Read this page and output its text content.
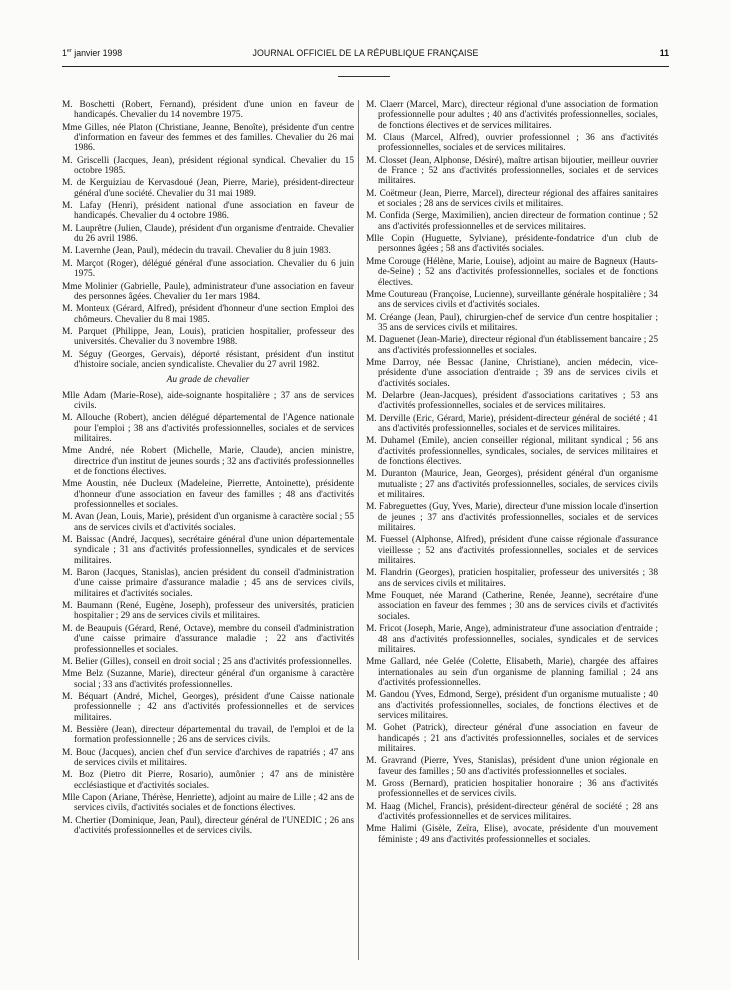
1er janvier 1998	JOURNAL OFFICIEL DE LA RÉPUBLIQUE FRANÇAISE	11

M. Boschetti (Robert, Fernand), président d'une union en faveur de handicapés. Chevalier du 14 novembre 1975.

Mme Gilles, née Platon (Christiane, Jeanne, Benoîte), présidente d'un centre d'information en faveur des femmes et des familles. Chevalier du 26 mai 1986.

M. Griscelli (Jacques, Jean), président régional syndical. Chevalier du 15 octobre 1985.

M. de Kerguiziau de Kervasdoué (Jean, Pierre, Marie), président-directeur général d'une société. Chevalier du 31 mai 1989.

M. Lafay (Henri), président national d'une association en faveur de handicapés. Chevalier du 4 octobre 1986.

M. Lauprêtre (Julien, Claude), président d'un organisme d'entraide. Chevalier du 26 avril 1986.

M. Lavernhe (Jean, Paul), médecin du travail. Chevalier du 8 juin 1983.

M. Marçot (Roger), délégué général d'une association. Chevalier du 6 juin 1975.

Mme Molinier (Gabrielle, Paule), administrateur d'une association en faveur des personnes âgées. Chevalier du 1er mars 1984.

M. Monteux (Gérard, Alfred), président d'honneur d'une section Emploi des chômeurs. Chevalier du 8 mai 1985.

M. Parquet (Philippe, Jean, Louis), praticien hospitalier, professeur des universités. Chevalier du 3 novembre 1988.

M. Séguy (Georges, Gervais), déporté résistant, président d'un institut d'histoire sociale, ancien syndicaliste. Chevalier du 27 avril 1982.

Au grade de chevalier

Mlle Adam (Marie-Rose), aide-soignante hospitalière ; 37 ans de services civils.

M. Allouche (Robert), ancien délégué départemental de l'Agence nationale pour l'emploi ; 38 ans d'activités professionnelles, sociales et de services militaires.

Mme André, née Robert (Michelle, Marie, Claude), ancien ministre, directrice d'un institut de jeunes sourds ; 32 ans d'activités professionnelles et de fonctions électives.

Mme Aoustin, née Ducleux (Madeleine, Pierrette, Antoinette), présidente d'honneur d'une association en faveur des familles ; 48 ans d'activités professionnelles et sociales.

M. Avan (Jean, Louis, Marie), président d'un organisme à caractère social ; 55 ans de services civils et d'activités sociales.

M. Baissac (André, Jacques), secrétaire général d'une union départementale syndicale ; 31 ans d'activités professionnelles, syndicales et de services militaires.

M. Baron (Jacques, Stanislas), ancien président du conseil d'administration d'une caisse primaire d'assurance maladie ; 45 ans de services civils, militaires et d'activités sociales.

M. Baumann (René, Eugène, Joseph), professeur des universités, praticien hospitalier ; 29 ans de services civils et militaires.

M. de Beaupuis (Gérard, René, Octave), membre du conseil d'administration d'une caisse primaire d'assurance maladie ; 22 ans d'activités professionnelles et sociales.

M. Belier (Gilles), conseil en droit social ; 25 ans d'activités professionnelles.

Mme Belz (Suzanne, Marie), directeur général d'un organisme à caractère social ; 33 ans d'activités professionnelles.

M. Béquart (André, Michel, Georges), président d'une Caisse nationale professionnelle ; 42 ans d'activités professionnelles et de services militaires.

M. Bessière (Jean), directeur départemental du travail, de l'emploi et de la formation professionnelle ; 26 ans de services civils.

M. Bouc (Jacques), ancien chef d'un service d'archives de rapatriés ; 47 ans de services civils et militaires.

M. Boz (Pietro dit Pierre, Rosario), aumônier ; 47 ans de ministère ecclésiastique et d'activités sociales.

Mlle Capon (Ariane, Thérèse, Henriette), adjoint au maire de Lille ; 42 ans de services civils, d'activités sociales et de fonctions électives.

M. Chertier (Dominique, Jean, Paul), directeur général de l'UNEDIC ; 26 ans d'activités professionnelles et de services civils.

M. Claerr (Marcel, Marc), directeur régional d'une association de formation professionnelle pour adultes ; 40 ans d'activités professionnelles, sociales, de fonctions électives et de services militaires.

M. Claus (Marcel, Alfred), ouvrier professionnel ; 36 ans d'activités professionnelles, sociales et de services militaires.

M. Closset (Jean, Alphonse, Désiré), maître artisan bijoutier, meilleur ouvrier de France ; 52 ans d'activités professionnelles, sociales et de services militaires.

M. Coëtmeur (Jean, Pierre, Marcel), directeur régional des affaires sanitaires et sociales ; 28 ans de services civils et militaires.

M. Confida (Serge, Maximilien), ancien directeur de formation continue ; 52 ans d'activités professionnelles et de services militaires.

Mlle Copin (Huguette, Sylviane), présidente-fondatrice d'un club de personnes âgées ; 58 ans d'activités sociales.

Mme Corouge (Hélène, Marie, Louise), adjoint au maire de Bagneux (Hauts-de-Seine) ; 52 ans d'activités professionnelles, sociales et de fonctions électives.

Mme Coutureau (Françoise, Lucienne), surveillante générale hospitalière ; 34 ans de services civils et d'activités sociales.

M. Créange (Jean, Paul), chirurgien-chef de service d'un centre hospitalier ; 35 ans de services civils et militaires.

M. Daguenet (Jean-Marie), directeur régional d'un établissement bancaire ; 25 ans d'activités professionnelles et sociales.

Mme Darroy, née Bessac (Janine, Christiane), ancien médecin, vice-présidente d'une association d'entraide ; 39 ans de services civils et d'activités sociales.

M. Delarbre (Jean-Jacques), président d'associations caritatives ; 53 ans d'activités professionnelles, sociales et de services militaires.

M. Derville (Eric, Gérard, Marie), président-directeur général de société ; 41 ans d'activités professionnelles, sociales et de services militaires.

M. Duhamel (Emile), ancien conseiller régional, militant syndical ; 56 ans d'activités professionnelles, syndicales, sociales, de services militaires et de fonctions électives.

M. Duranton (Maurice, Jean, Georges), président général d'un organisme mutualiste ; 27 ans d'activités professionnelles, sociales, de services civils et militaires.

M. Fabreguettes (Guy, Yves, Marie), directeur d'une mission locale d'insertion de jeunes ; 37 ans d'activités professionnelles, sociales et de services militaires.

M. Fuessel (Alphonse, Alfred), président d'une caisse régionale d'assurance vieillesse ; 52 ans d'activités professionnelles, sociales et de services militaires.

M. Flandrin (Georges), praticien hospitalier, professeur des universités ; 38 ans de services civils et militaires.

Mme Fouquet, née Marand (Catherine, Renée, Jeanne), secrétaire d'une association en faveur des femmes ; 30 ans de services civils et d'activités sociales.

M. Fricot (Joseph, Marie, Ange), administrateur d'une association d'entraide ; 48 ans d'activités professionnelles, sociales, syndicales et de services militaires.

Mme Gallard, née Gelée (Colette, Elisabeth, Marie), chargée des affaires internationales au sein d'un organisme de planning familial ; 24 ans d'activités professionnelles.

M. Gandou (Yves, Edmond, Serge), président d'un organisme mutualiste ; 40 ans d'activités professionnelles, sociales, de fonctions électives et de services militaires.

M. Gohet (Patrick), directeur général d'une association en faveur de handicapés ; 21 ans d'activités professionnelles, sociales et de services militaires.

M. Gravrand (Pierre, Yves, Stanislas), président d'une union régionale en faveur des familles ; 50 ans d'activités professionnelles et sociales.

M. Gross (Bernard), praticien hospitalier honoraire ; 36 ans d'activités professionnelles et de services civils.

M. Haag (Michel, Francis), président-directeur général de société ; 28 ans d'activités professionnelles et de services militaires.

Mme Halimi (Gisèle, Zeïra, Elise), avocate, présidente d'un mouvement féministe ; 49 ans d'activités professionnelles et sociales.
